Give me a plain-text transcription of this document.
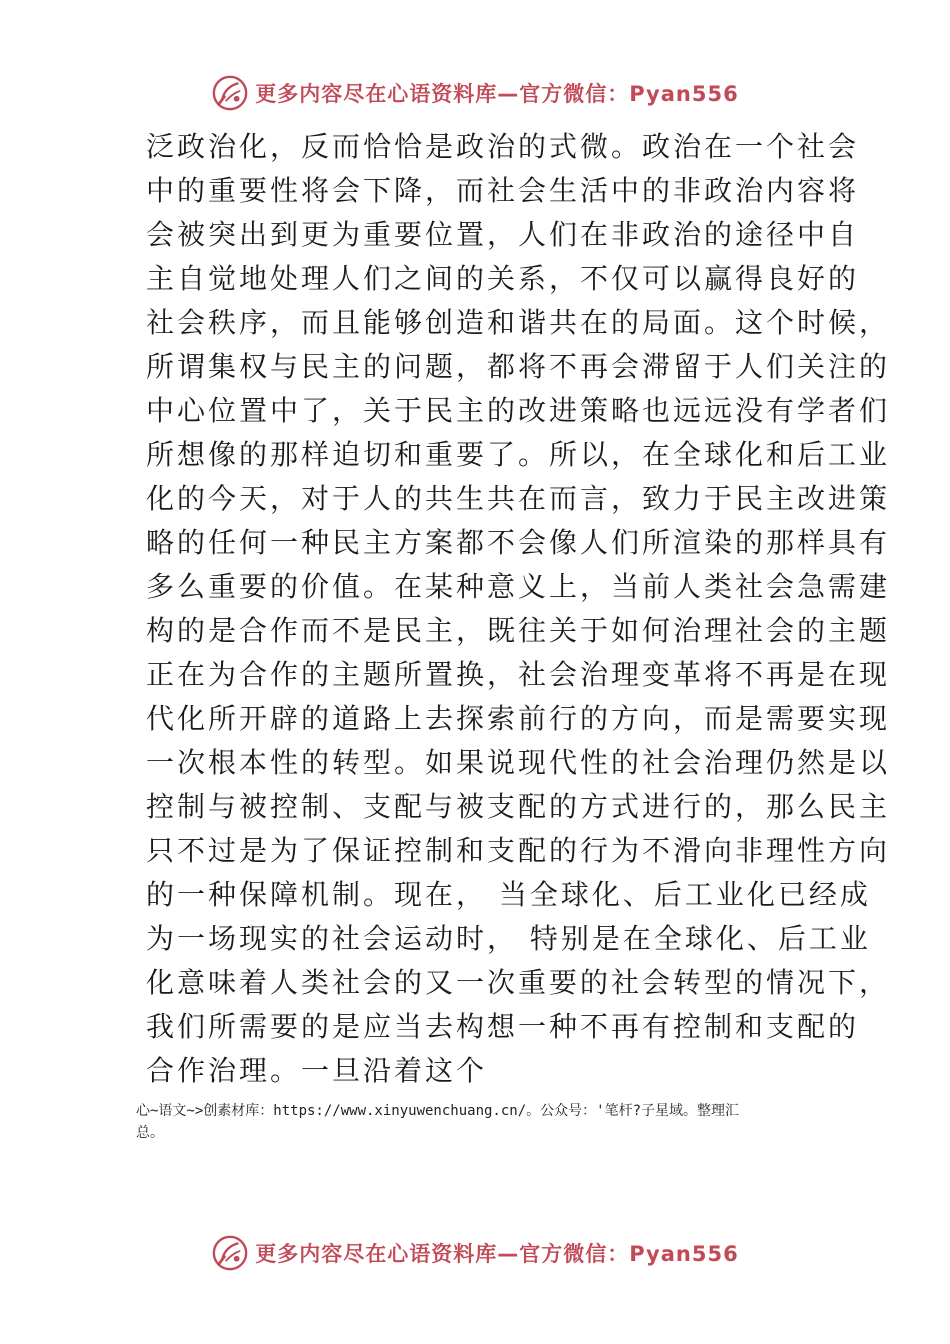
更多内容尽在心语资料库—官方微信：Pyan556
泛政治化，反而恰恰是政治的式微。政治在一个社会
中的重要性将会下降，而社会生活中的非政治内容将
会被突出到更为重要位置，人们在非政治的途径中自
主自觉地处理人们之间的关系，不仅可以赢得良好的
社会秩序，而且能够创造和谐共在的局面。这个时候，
所谓集权与民主的问题，都将不再会滞留于人们关注的
中心位置中了，关于民主的改进策略也远远没有学者们
所想像的那样迫切和重要了。所以，在全球化和后工业
化的今天，对于人的共生共在而言，致力于民主改进策
略的任何一种民主方案都不会像人们所渲染的那样具有
多么重要的价值。在某种意义上，当前人类社会急需建
构的是合作而不是民主，既往关于如何治理社会的主题
正在为合作的主题所置换，社会治理变革将不再是在现
代化所开辟的道路上去探索前行的方向，而是需要实现
一次根本性的转型。如果说现代性的社会治理仍然是以
控制与被控制、支配与被支配的方式进行的，那么民主
只不过是为了保证控制和支配的行为不滑向非理性方向
的一种保障机制。现在， 当全球化、后工业化已经成
为一场现实的社会运动时， 特别是在全球化、后工业
化意味着人类社会的又一次重要的社会转型的情况下，
我们所需要的是应当去构想一种不再有控制和支配的
合作治理。一旦沿着这个
心~语文~>创素材库：https://www.xinyuwenchuang.cn/。公众号：'笔杆?子星域。整理汇
总。
更多内容尽在心语资料库—官方微信：Pyan556
